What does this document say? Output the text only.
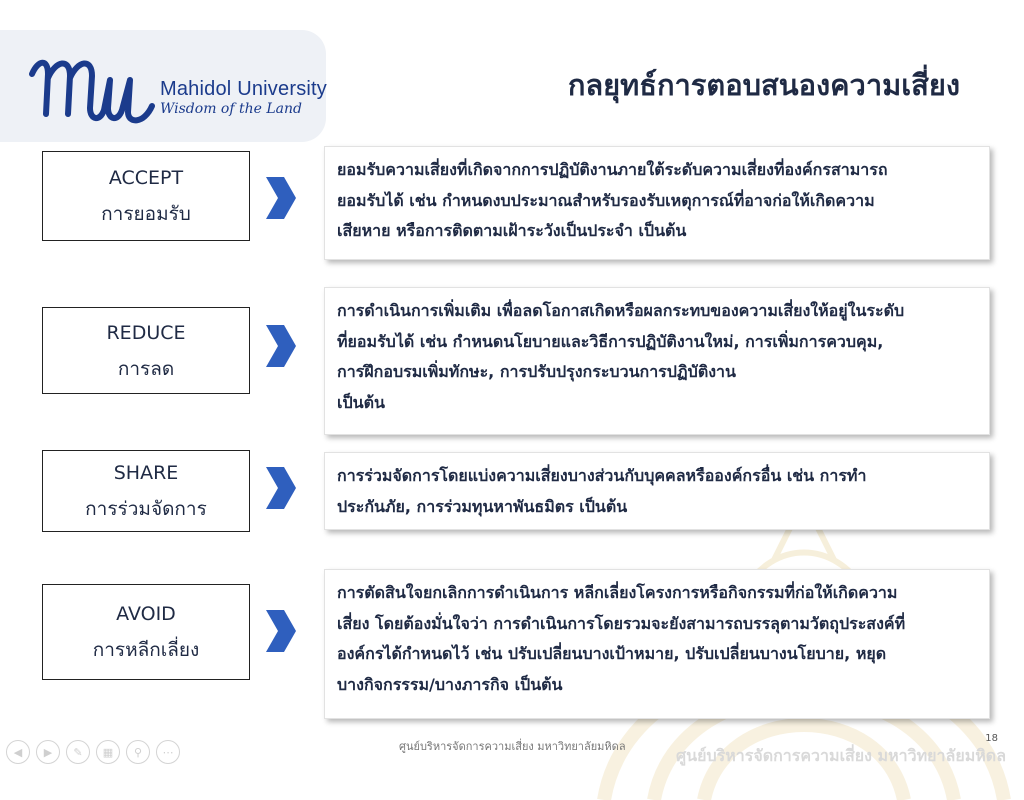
Mahidol University
Wisdom of the Land
กลยุทธ์การตอบสนองความเสี่ยง
ACCEPT
การยอมรับ
ยอมรับความเสี่ยงที่เกิดจากการปฏิบัติงานภายใต้ระดับความเสี่ยงที่องค์กรสามารถ
ยอมรับได้ เช่น กำหนดงบประมาณสำหรับรองรับเหตุการณ์ที่อาจก่อให้เกิดความ
เสียหาย หรือการติดตามเฝ้าระวังเป็นประจำ เป็นต้น
REDUCE
การลด
การดำเนินการเพิ่มเติม เพื่อลดโอกาสเกิดหรือผลกระทบของความเสี่ยงให้อยู่ในระดับ
ที่ยอมรับได้ เช่น กำหนดนโยบายและวิธีการปฏิบัติงานใหม่, การเพิ่มการควบคุม,
การฝึกอบรมเพิ่มทักษะ, การปรับปรุงกระบวนการปฏิบัติงาน
เป็นต้น
SHARE
การร่วมจัดการ
การร่วมจัดการโดยแบ่งความเสี่ยงบางส่วนกับบุคคลหรือองค์กรอื่น เช่น การทำ
ประกันภัย, การร่วมทุนหาพันธมิตร เป็นต้น
AVOID
การหลีกเลี่ยง
การตัดสินใจยกเลิกการดำเนินการ หลีกเลี่ยงโครงการหรือกิจกรรมที่ก่อให้เกิดความ
เสี่ยง โดยต้องมั่นใจว่า การดำเนินการโดยรวมจะยังสามารถบรรลุตามวัตถุประสงค์ที่
องค์กรได้กำหนดไว้ เช่น ปรับเปลี่ยนบางเป้าหมาย, ปรับเปลี่ยนบางนโยบาย, หยุด
บางกิจกรรรม/บางภารกิจ เป็นต้น
◀	▶	✎	▦	⚲	⋯	ศูนย์บริหารจัดการความเสี่ยง มหาวิทยาลัยมหิดล
18
ศูนย์บริหารจัดการความเสี่ยง มหาวิทยาลัยมหิดล
